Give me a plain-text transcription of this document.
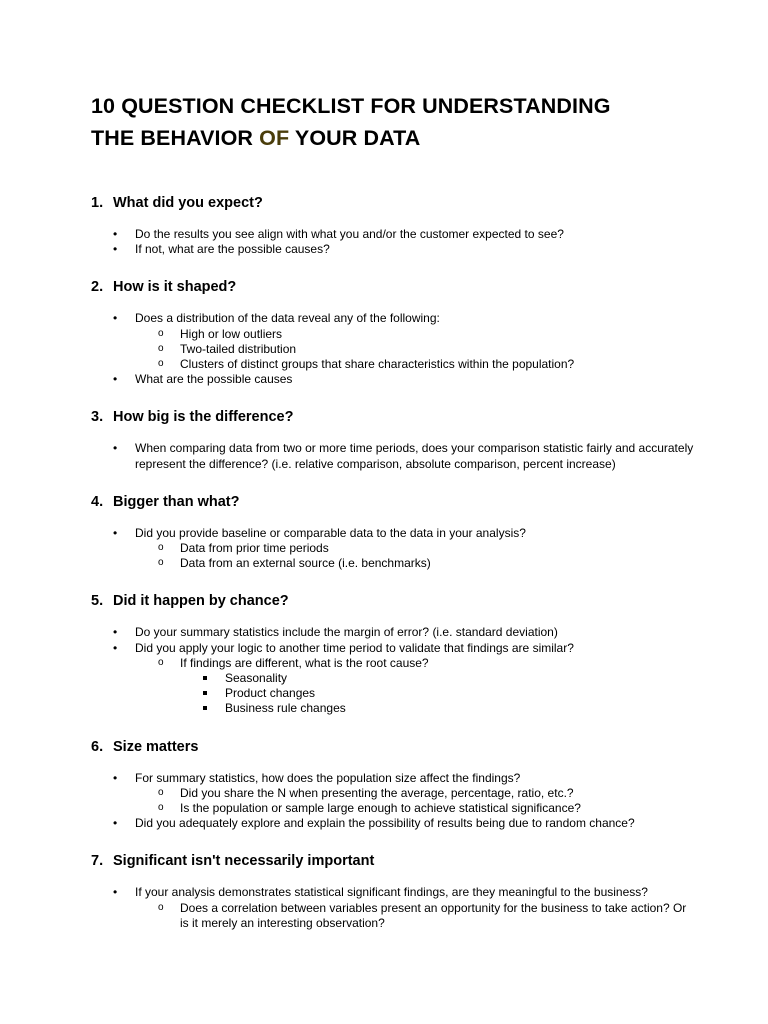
10 QUESTION CHECKLIST FOR UNDERSTANDING
THE BEHAVIOR OF YOUR DATA
1. What did you expect?
• Do the results you see align with what you and/or the customer expected to see?
• If not, what are the possible causes?
2. How is it shaped?
• Does a distribution of the data reveal any of the following:
o High or low outliers
o Two-tailed distribution
o Clusters of distinct groups that share characteristics within the population?
• What are the possible causes
3. How big is the difference?
• When comparing data from two or more time periods, does your comparison statistic fairly and accurately represent the difference? (i.e. relative comparison, absolute comparison, percent increase)
4. Bigger than what?
• Did you provide baseline or comparable data to the data in your analysis?
o Data from prior time periods
o Data from an external source (i.e. benchmarks)
5. Did it happen by chance?
• Do your summary statistics include the margin of error? (i.e. standard deviation)
• Did you apply your logic to another time period to validate that findings are similar?
o If findings are different, what is the root cause?
Seasonality
Product changes
Business rule changes
6. Size matters
• For summary statistics, how does the population size affect the findings?
o Did you share the N when presenting the average, percentage, ratio, etc.?
o Is the population or sample large enough to achieve statistical significance?
• Did you adequately explore and explain the possibility of results being due to random chance?
7. Significant isn't necessarily important
• If your analysis demonstrates statistical significant findings, are they meaningful to the business?
o Does a correlation between variables present an opportunity for the business to take action? Or is it merely an interesting observation?
